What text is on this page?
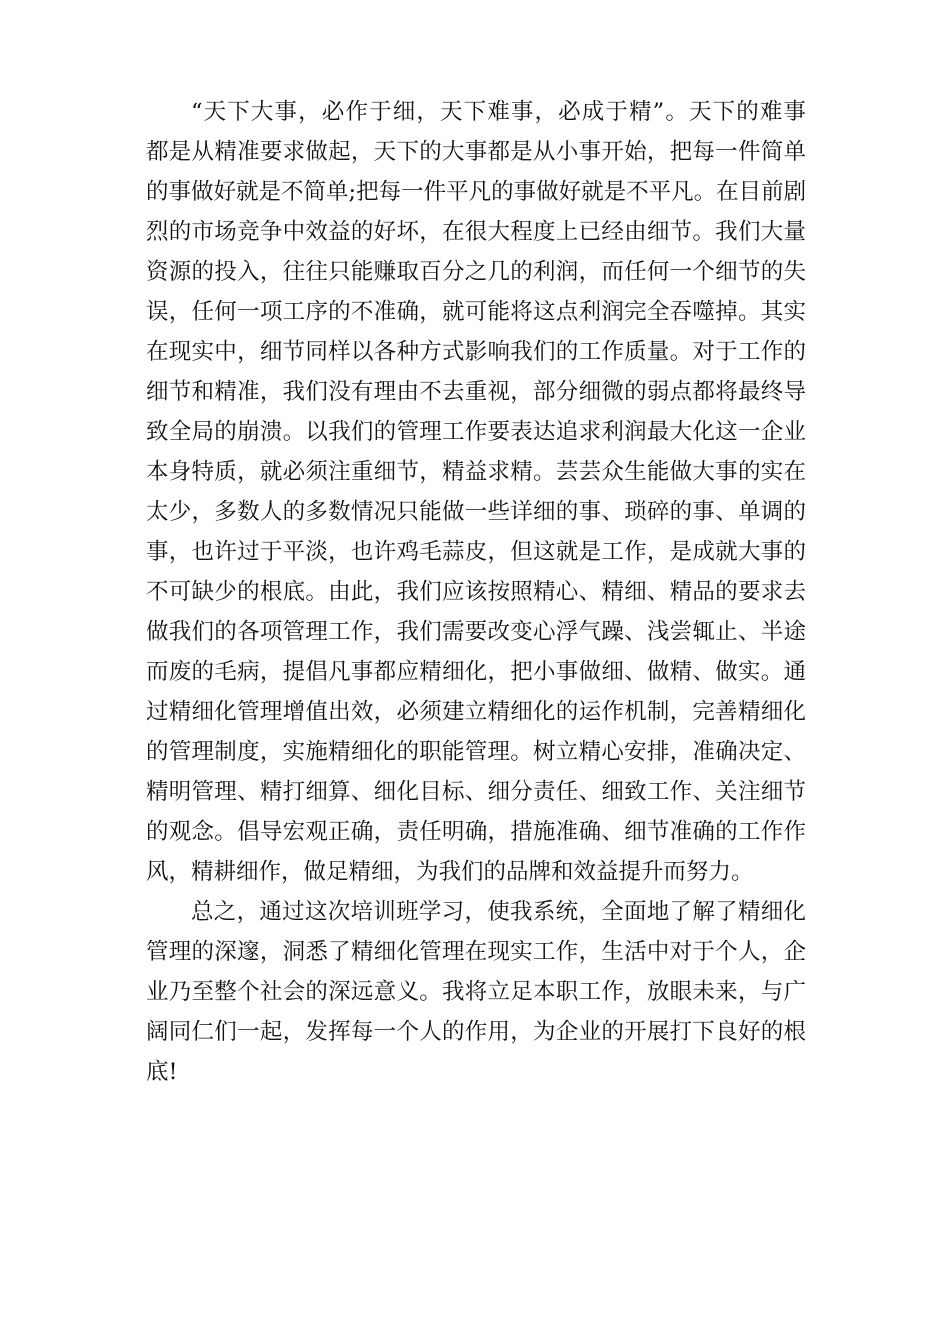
“天下大事，必作于细，天下难事，必成于精”。天下的难事
都是从精准要求做起，天下的大事都是从小事开始，把每一件简单
的事做好就是不简单;把每一件平凡的事做好就是不平凡。在目前剧
烈的市场竞争中效益的好坏，在很大程度上已经由细节。我们大量
资源的投入，往往只能赚取百分之几的利润，而任何一个细节的失
误，任何一项工序的不准确，就可能将这点利润完全吞噬掉。其实
在现实中，细节同样以各种方式影响我们的工作质量。对于工作的
细节和精准，我们没有理由不去重视，部分细微的弱点都将最终导
致全局的崩溃。以我们的管理工作要表达追求利润最大化这一企业
本身特质，就必须注重细节，精益求精。芸芸众生能做大事的实在
太少，多数人的多数情况只能做一些详细的事、琐碎的事、单调的
事，也许过于平淡，也许鸡毛蒜皮，但这就是工作，是成就大事的
不可缺少的根底。由此，我们应该按照精心、精细、精品的要求去
做我们的各项管理工作，我们需要改变心浮气躁、浅尝辄止、半途
而废的毛病，提倡凡事都应精细化，把小事做细、做精、做实。通
过精细化管理增值出效，必须建立精细化的运作机制，完善精细化
的管理制度，实施精细化的职能管理。树立精心安排，准确决定、
精明管理、精打细算、细化目标、细分责任、细致工作、关注细节
的观念。倡导宏观正确，责任明确，措施准确、细节准确的工作作
风，精耕细作，做足精细，为我们的品牌和效益提升而努力。
总之，通过这次培训班学习，使我系统，全面地了解了精细化
管理的深邃，洞悉了精细化管理在现实工作，生活中对于个人，企
业乃至整个社会的深远意义。我将立足本职工作，放眼未来，与广
阔同仁们一起，发挥每一个人的作用，为企业的开展打下良好的根
底!
